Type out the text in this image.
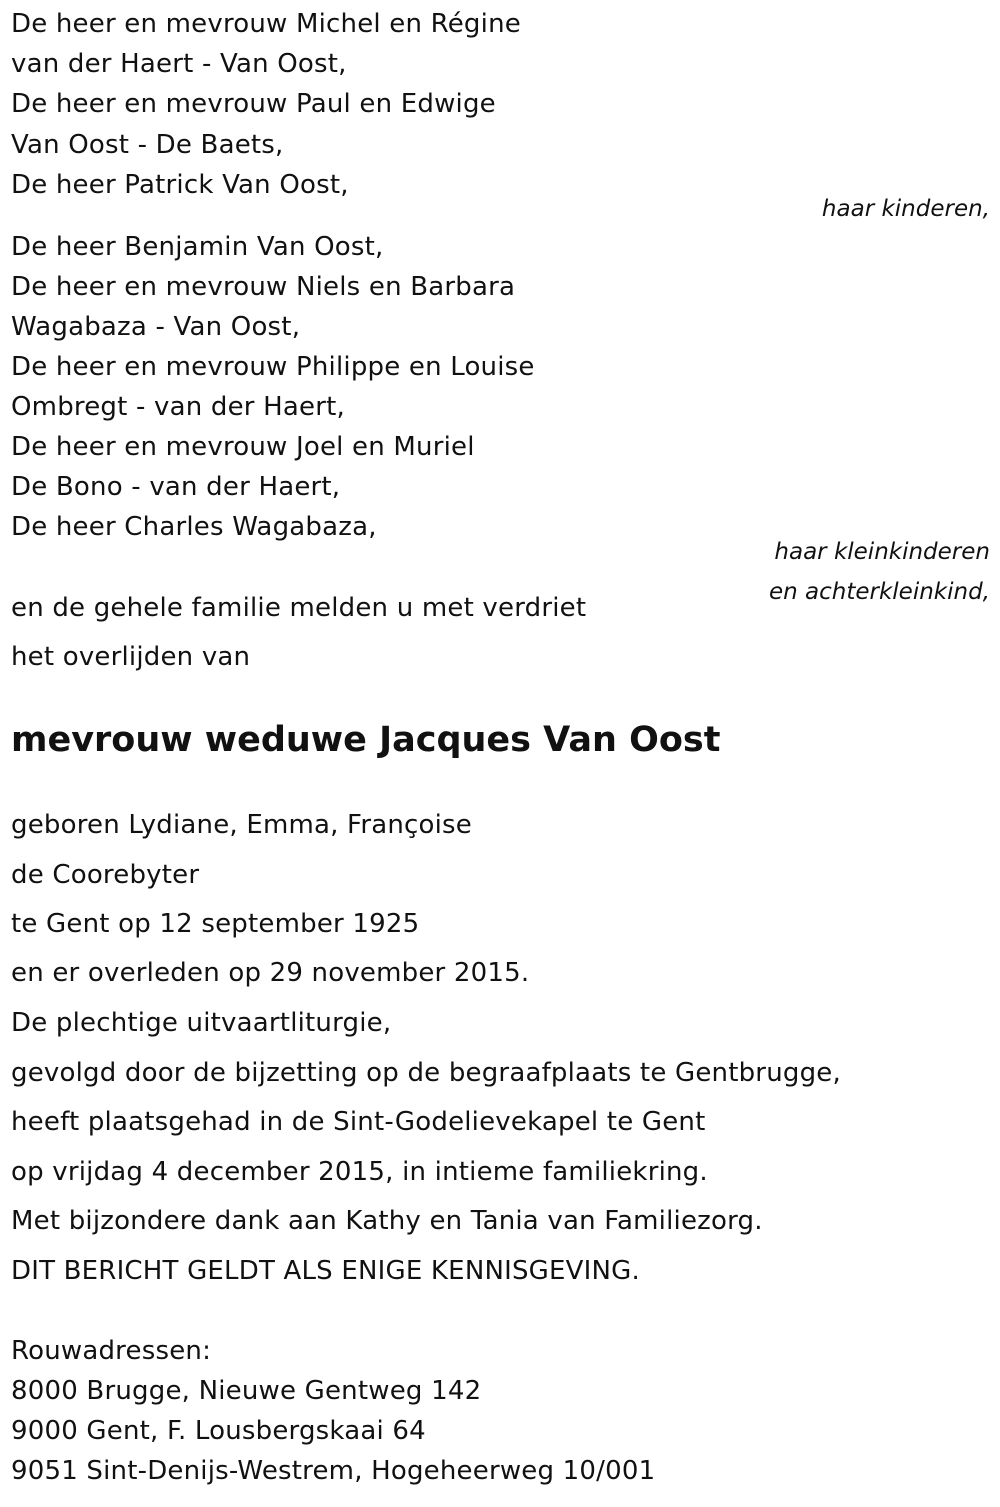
De heer en mevrouw Michel en Régine
van der Haert - Van Oost,
De heer en mevrouw Paul en Edwige
Van Oost - De Baets,
De heer Patrick Van Oost,
haar kinderen,
De heer Benjamin Van Oost,
De heer en mevrouw Niels en Barbara
Wagabaza - Van Oost,
De heer en mevrouw Philippe en Louise
Ombregt - van der Haert,
De heer en mevrouw Joel en Muriel
De Bono - van der Haert,
De heer Charles Wagabaza,
haar kleinkinderen
en achterkleinkind,
en de gehele familie melden u met verdriet
het overlijden van
mevrouw weduwe Jacques Van Oost
geboren Lydiane, Emma, Françoise
de Coorebyter
te Gent op 12 september 1925
en er overleden op 29 november 2015.
De plechtige uitvaartliturgie,
gevolgd door de bijzetting op de begraafplaats te Gentbrugge,
heeft plaatsgehad in de Sint-Godelievekapel te Gent
op vrijdag 4 december 2015, in intieme familiekring.
Met bijzondere dank aan Kathy en Tania van Familiezorg.
DIT BERICHT GELDT ALS ENIGE KENNISGEVING.
Rouwadressen:
8000 Brugge, Nieuwe Gentweg 142
9000 Gent, F. Lousbergskaai 64
9051 Sint-Denijs-Westrem, Hogeheerweg 10/001
